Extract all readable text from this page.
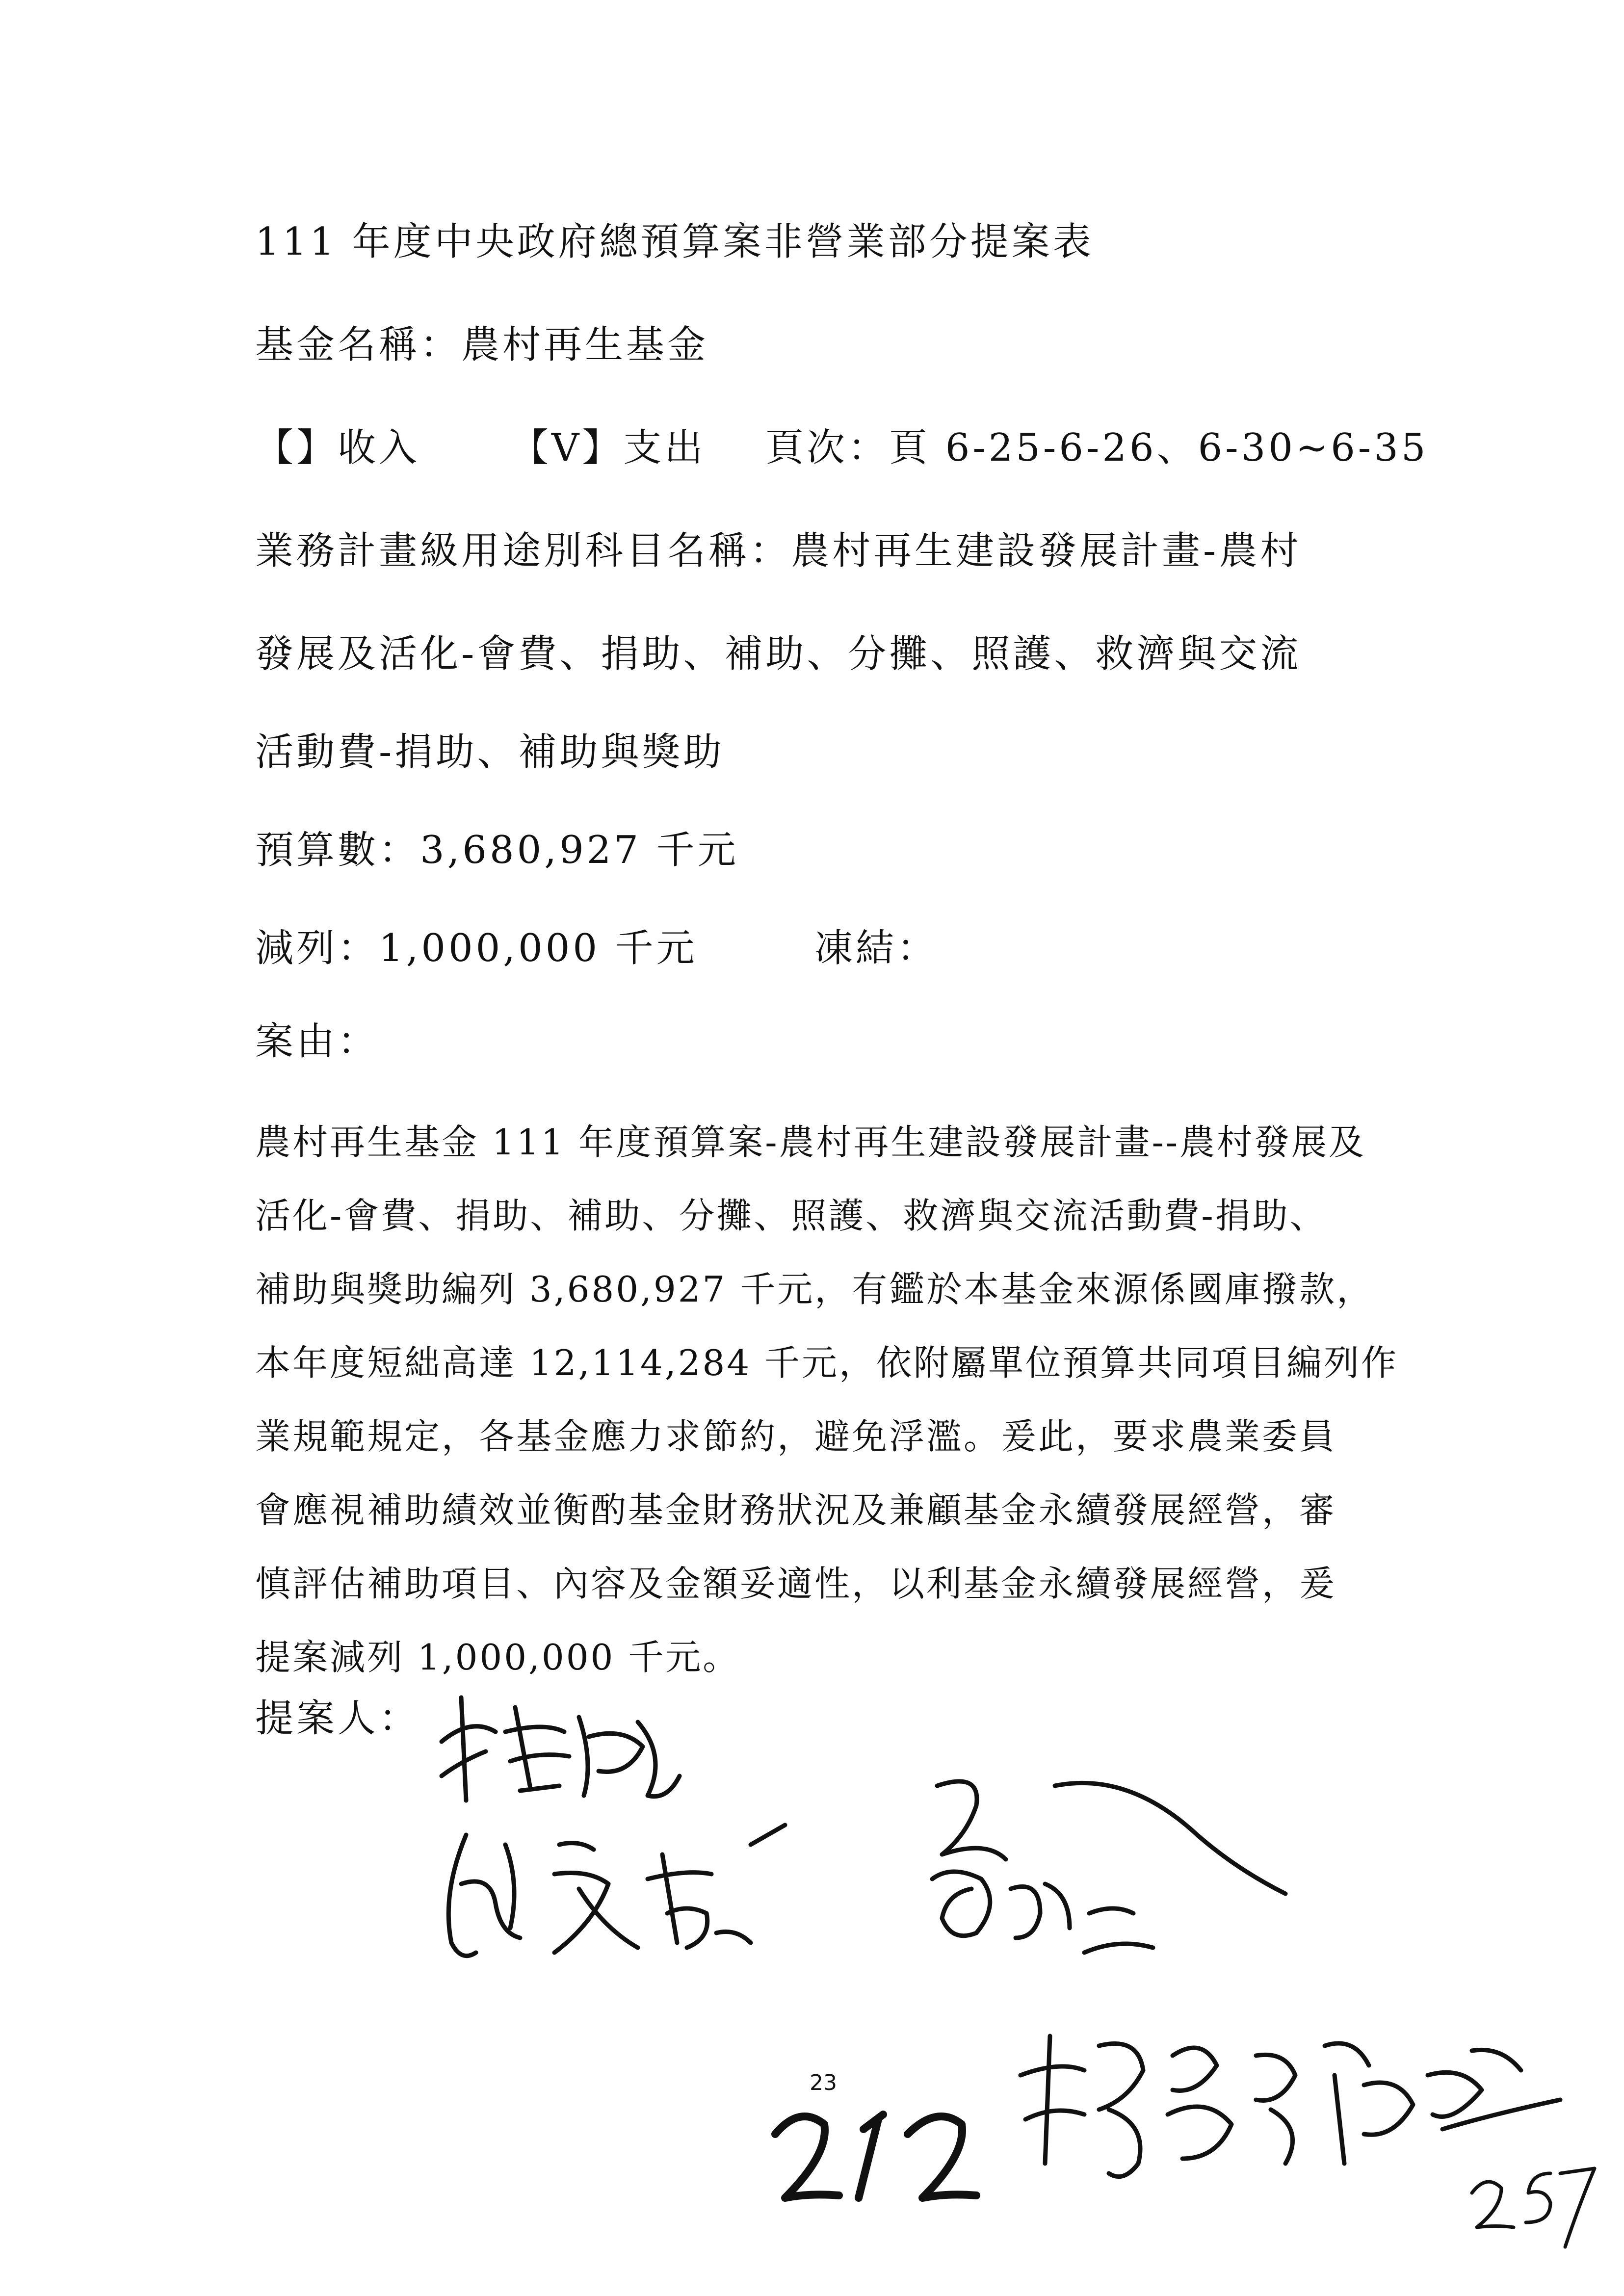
111 年度中央政府總預算案非營業部分提案表
基金名稱：農村再生基金
【】收入 【V】支出 頁次：頁 6-25-6-26、6-30~6-35
業務計畫級用途別科目名稱：農村再生建設發展計畫-農村
發展及活化-會費、捐助、補助、分攤、照護、救濟與交流
活動費-捐助、補助與獎助
預算數：3,680,927 千元
減列：1,000,000 千元	凍結：
案由：
農村再生基金 111 年度預算案-農村再生建設發展計畫--農村發展及
活化-會費、捐助、補助、分攤、照護、救濟與交流活動費-捐助、
補助與獎助編列 3,680,927 千元，有鑑於本基金來源係國庫撥款，
本年度短絀高達 12,114,284 千元，依附屬單位預算共同項目編列作
業規範規定，各基金應力求節約，避免浮濫。爰此，要求農業委員
會應視補助績效並衡酌基金財務狀況及兼顧基金永續發展經營，審
慎評估補助項目、內容及金額妥適性，以利基金永續發展經營，爰
提案減列 1,000,000 千元。
提案人：
23
